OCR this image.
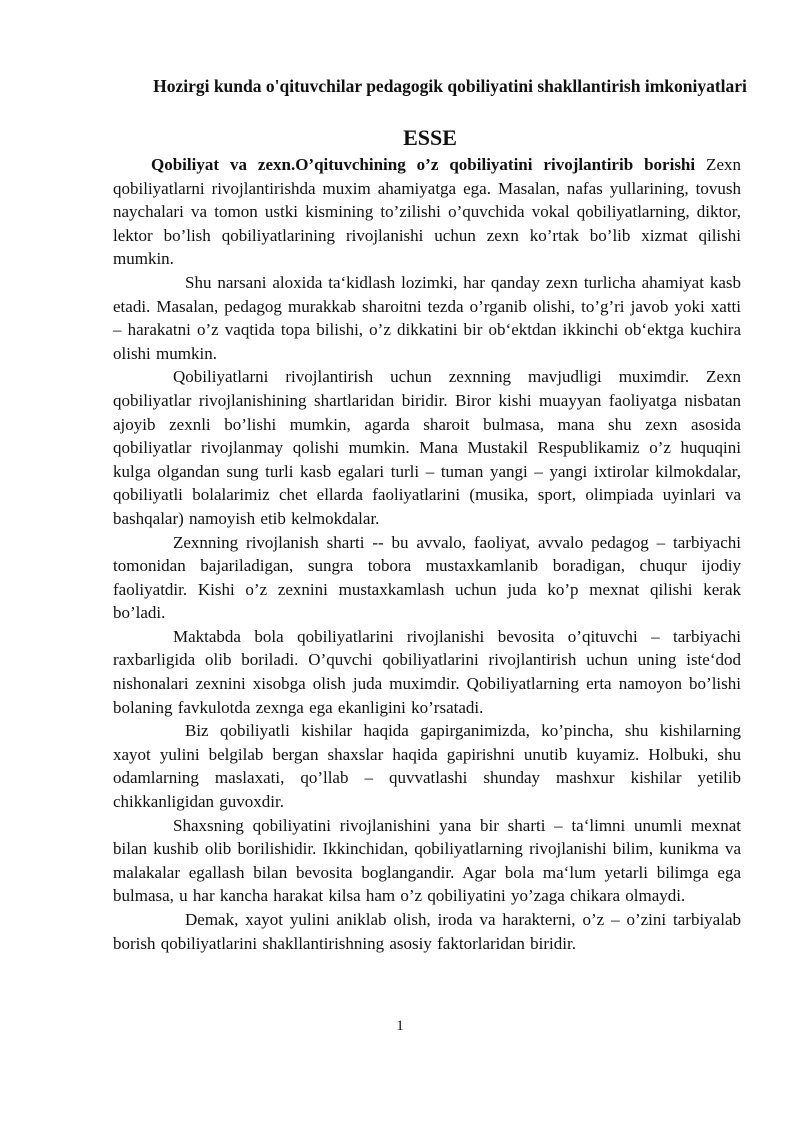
Hozirgi kunda o'qituvchilar pedagogik qobiliyatini shakllantirish imkoniyatlari
ESSE

Qobiliyat va zexn.O’qituvchining o’z qobiliyatini rivojlantirib borishi Zexn qobiliyatlarni rivojlantirishda muxim ahamiyatga ega. Masalan, nafas yullarining, tovush naychalari va tomon ustki kismining to’zilishi o’quvchida vokal qobiliyatlarning, diktor, lektor bo’lish qobiliyatlarining rivojlanishi uchun zexn ko’rtak bo’lib xizmat qilishi mumkin.

Shu narsani aloxida ta‘kidlash lozimki, har qanday zexn turlicha ahamiyat kasb etadi. Masalan, pedagog murakkab sharoitni tezda o’rganib olishi, to’g’ri javob yoki xatti – harakatni o’z vaqtida topa bilishi, o’z dikkatini bir ob‘ektdan ikkinchi ob‘ektga kuchira olishi mumkin.

Qobiliyatlarni rivojlantirish uchun zexnning mavjudligi muximdir. Zexn qobiliyatlar rivojlanishining shartlaridan biridir. Biror kishi muayyan faoliyatga nisbatan ajoyib zexnli bo’lishi mumkin, agarda sharoit bulmasa, mana shu zexn asosida qobiliyatlar rivojlanmay qolishi mumkin. Mana Mustakil Respublikamiz o’z huquqini kulga olgandan sung turli kasb egalari turli – tuman yangi – yangi ixtirolar kilmokdalar, qobiliyatli bolalarimiz chet ellarda faoliyatlarini (musika, sport, olimpiada uyinlari va bashqalar) namoyish etib kelmokdalar.

Zexnning rivojlanish sharti -- bu avvalo, faoliyat, avvalo pedagog – tarbiyachi tomonidan bajariladigan, sungra tobora mustaxkamlanib boradigan, chuqur ijodiy faoliyatdir. Kishi o’z zexnini mustaxkamlash uchun juda ko’p mexnat qilishi kerak bo’ladi.

Maktabda bola qobiliyatlarini rivojlanishi bevosita o’qituvchi – tarbiyachi raxbarligida olib boriladi. O’quvchi qobiliyatlarini rivojlantirish uchun uning iste‘dod nishonalari zexnini xisobga olish juda muximdir. Qobiliyatlarning erta namoyon bo’lishi bolaning favkulotda zexnga ega ekanligini ko’rsatadi.

Biz qobiliyatli kishilar haqida gapirganimizda, ko’pincha, shu kishilarning xayot yulini belgilab bergan shaxslar haqida gapirishni unutib kuyamiz. Holbuki, shu odamlarning maslaxati, qo’llab – quvvatlashi shunday mashxur kishilar yetilib chikkanligidan guvoxdir.

Shaxsning qobiliyatini rivojlanishini yana bir sharti – ta‘limni unumli mexnat bilan kushib olib borilishidir. Ikkinchidan, qobiliyatlarning rivojlanishi bilim, kunikma va malakalar egallash bilan bevosita boglangandir. Agar bola ma‘lum yetarli bilimga ega bulmasa, u har kancha harakat kilsa ham o’z qobiliyatini yo’zaga chikara olmaydi.

Demak, xayot yulini aniklab olish, iroda va harakterni, o’z – o’zini tarbiyalab borish qobiliyatlarini shakllantirishning asosiy faktorlaridan biridir.

1
